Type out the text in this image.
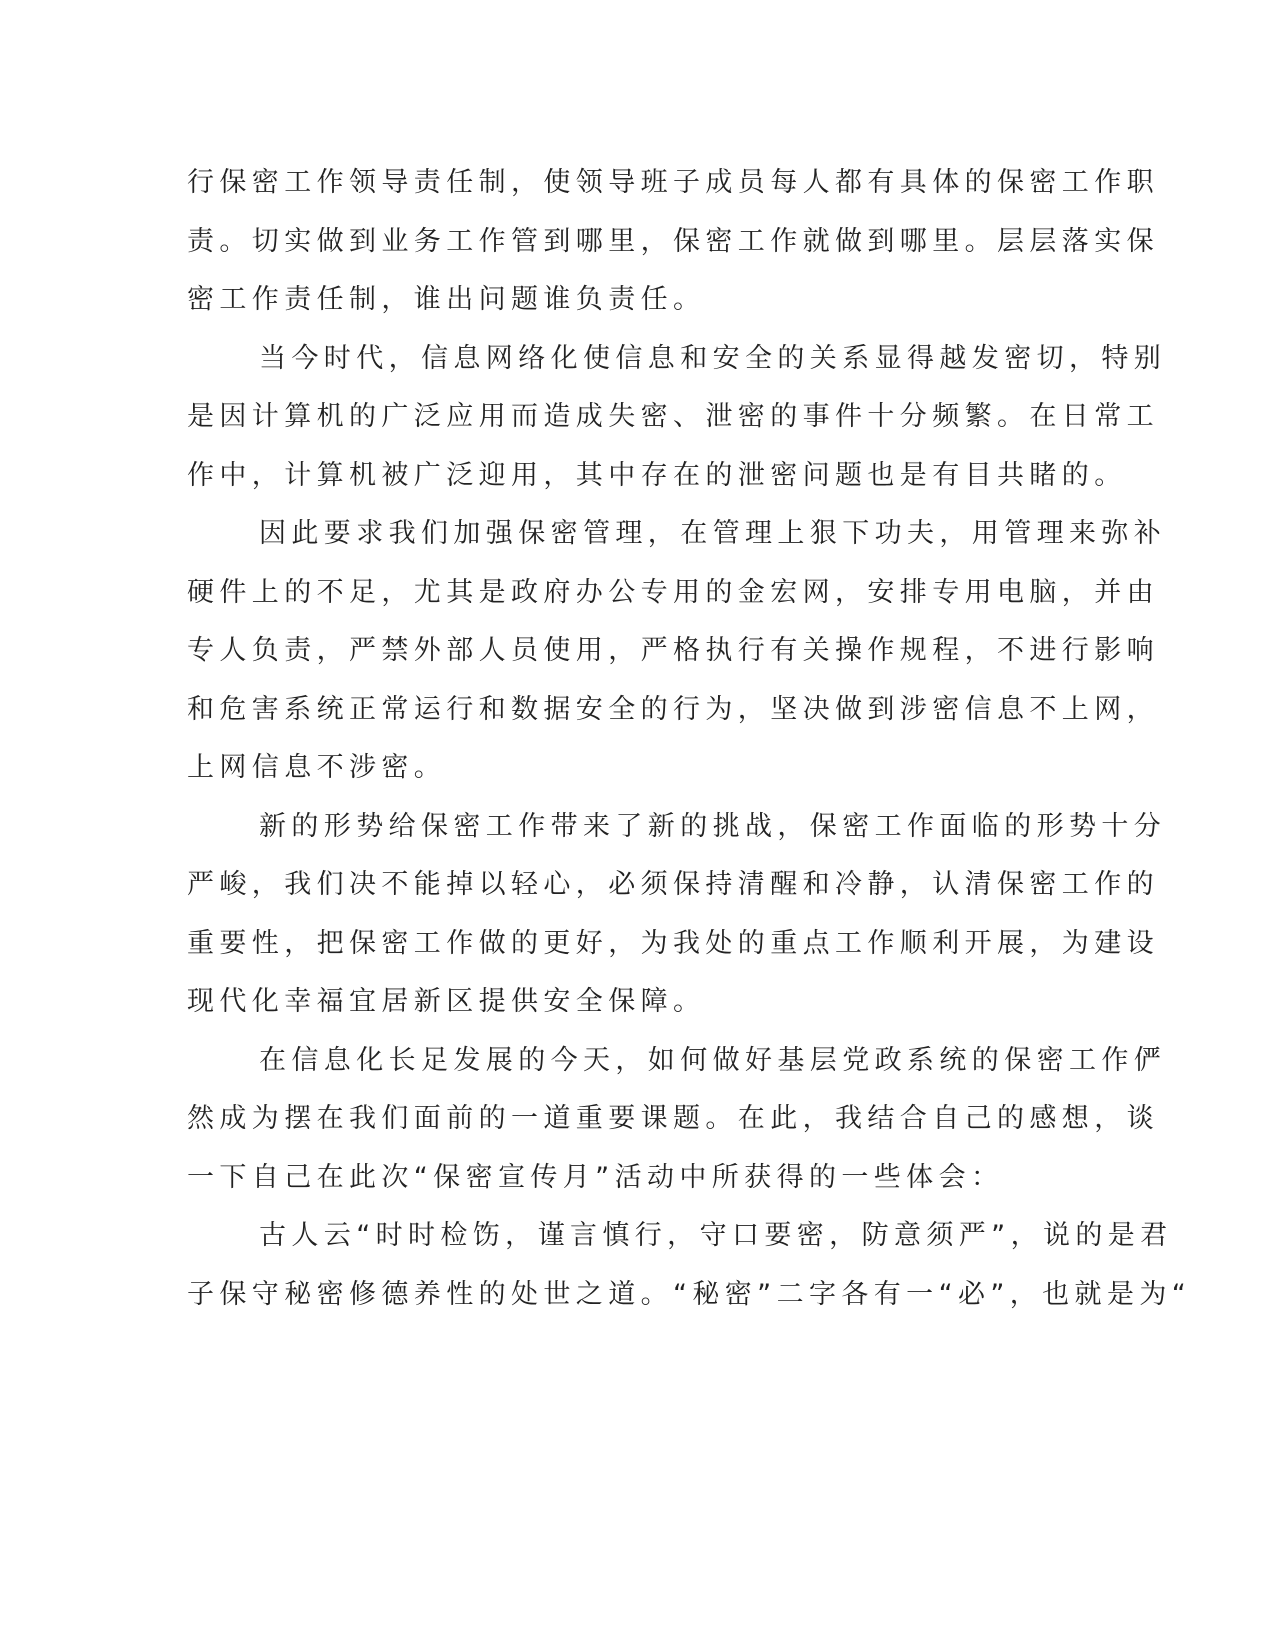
行保密工作领导责任制，使领导班子成员每人都有具体的保密工作职
责。切实做到业务工作管到哪里，保密工作就做到哪里。层层落实保
密工作责任制，谁出问题谁负责任。
当今时代，信息网络化使信息和安全的关系显得越发密切，特别
是因计算机的广泛应用而造成失密、泄密的事件十分频繁。在日常工
作中，计算机被广泛迎用，其中存在的泄密问题也是有目共睹的。
因此要求我们加强保密管理，在管理上狠下功夫，用管理来弥补
硬件上的不足，尤其是政府办公专用的金宏网，安排专用电脑，并由
专人负责，严禁外部人员使用，严格执行有关操作规程，不进行影响
和危害系统正常运行和数据安全的行为，坚决做到涉密信息不上网，
上网信息不涉密。
新的形势给保密工作带来了新的挑战，保密工作面临的形势十分
严峻，我们决不能掉以轻心，必须保持清醒和冷静，认清保密工作的
重要性，把保密工作做的更好，为我处的重点工作顺利开展，为建设
现代化幸福宜居新区提供安全保障。
在信息化长足发展的今天，如何做好基层党政系统的保密工作俨
然成为摆在我们面前的一道重要课题。在此，我结合自己的感想，谈
一下自己在此次“保密宣传月”活动中所获得的一些体会：
古人云“时时检饬，谨言慎行，守口要密，防意须严”，说的是君
子保守秘密修德养性的处世之道。“秘密”二字各有一“必”，也就是为“
